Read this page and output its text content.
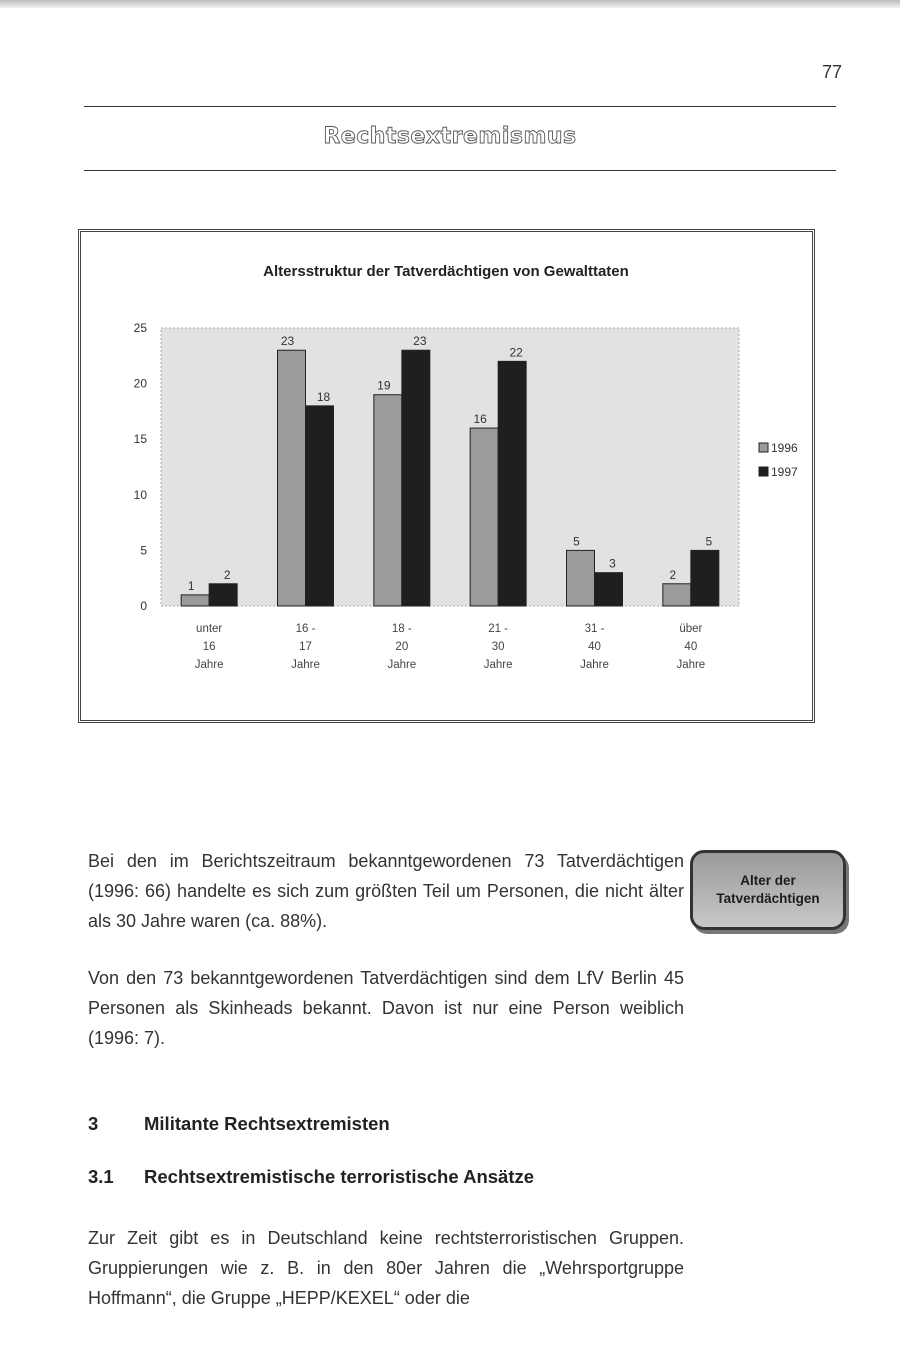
77
Rechtsextremismus
Altersstruktur der Tatverdächtigen von Gewalttaten
0
5
10
15
20
25
1
23
19
16
5
2
2
18
23
22
3
5
unter
16
Jahre
16 -
17
Jahre
18 -
20
Jahre
21 -
30
Jahre
31 -
40
Jahre
über
40
Jahre
1996
1997

Bei den im Berichtszeitraum bekanntgewordenen 73 Tatverdächtigen (1996: 66) handelte es sich zum größten Teil um Personen, die nicht älter als 30 Jahre waren (ca. 88%).

Alter der
Tatverdächtigen

Von den 73 bekanntgewordenen Tatverdächtigen sind dem LfV Berlin 45 Personen als Skinheads bekannt. Davon ist nur eine Person weiblich (1996: 7).

3 Militante Rechtsextremisten
3.1 Rechtsextremistische terroristische Ansätze

Zur Zeit gibt es in Deutschland keine rechtsterroristischen Gruppen. Gruppierungen wie z. B. in den 80er Jahren die „Wehrsportgruppe Hoffmann“, die Gruppe „HEPP/KEXEL“ oder die
